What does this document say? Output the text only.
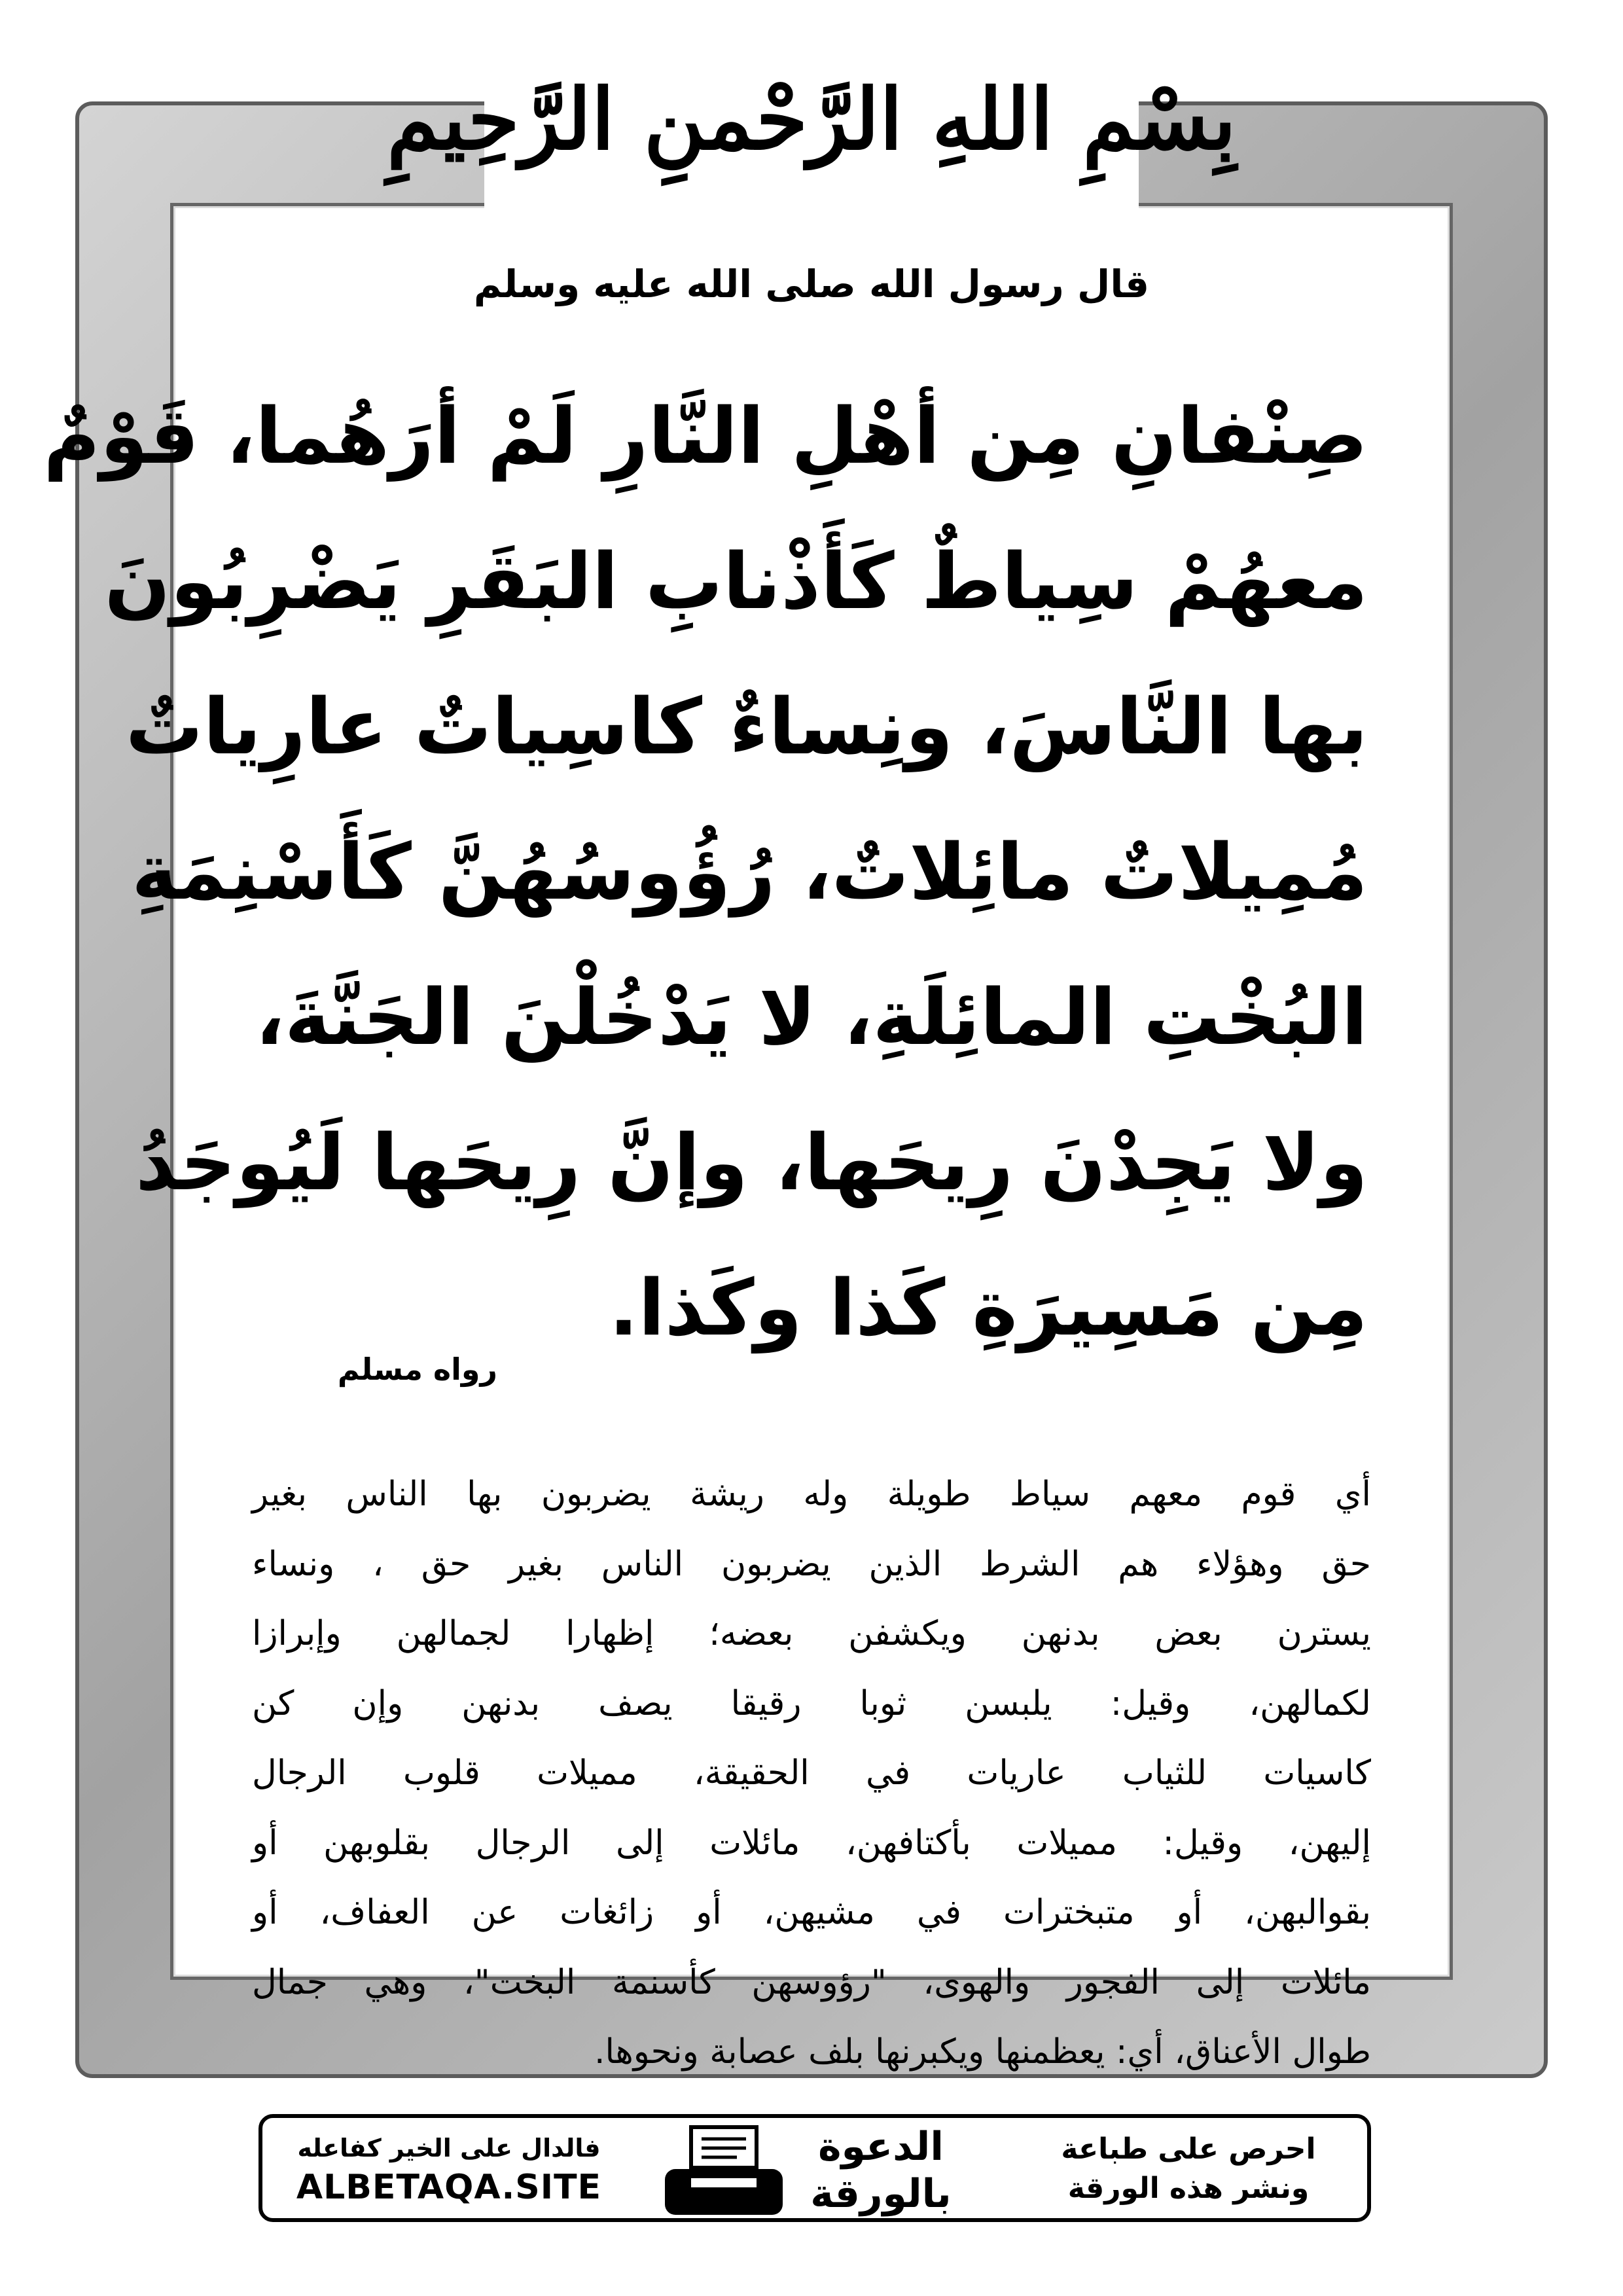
بِسْمِ اللهِ الرَّحْمنِ الرَّحِيمِ
قال رسول الله صلى الله عليه وسلم
صِنْفانِ مِن أهْلِ النَّارِ لَمْ أرَهُما، قَوْمٌ
معهُمْ سِياطٌ كَأَذْنابِ البَقَرِ يَضْرِبُونَ
بها النَّاسَ، ونِساءٌ كاسِياتٌ عارِياتٌ
مُمِيلاتٌ مائِلاتٌ، رُؤُوسُهُنَّ كَأَسْنِمَةِ
البُخْتِ المائِلَةِ، لا يَدْخُلْنَ الجَنَّةَ،
ولا يَجِدْنَ رِيحَها، وإنَّ رِيحَها لَيُوجَدُ
مِن مَسِيرَةِ كَذا وكَذا.
رواه مسلم
أي قوم معهم سياط طويلة وله ريشة يضربون بها الناس بغير
حق وهؤلاء هم الشرط الذين يضربون الناس بغير حق ، ونساء
يسترن بعض بدنهن ويكشفن بعضه؛ إظهارا لجمالهن وإبرازا
لكمالهن، وقيل: يلبسن ثوبا رقيقا يصف بدنهن وإن كن
كاسيات للثياب عاريات في الحقيقة، مميلات قلوب الرجال
إليهن، وقيل: مميلات بأكتافهن، مائلات إلى الرجال بقلوبهن أو
بقوالبهن، أو متبخترات في مشيهن، أو زائغات عن العفاف، أو
مائلات إلى الفجور والهوى، "رؤوسهن كأسنمة البخت"، وهي جمال
طوال الأعناق، أي: يعظمنها ويكبرنها بلف عصابة ونحوها.
فالدال على الخير كفاعله
ALBETAQA.SITE
الدعوة
بالورقة
احرص على طباعة
ونشر هذه الورقة
